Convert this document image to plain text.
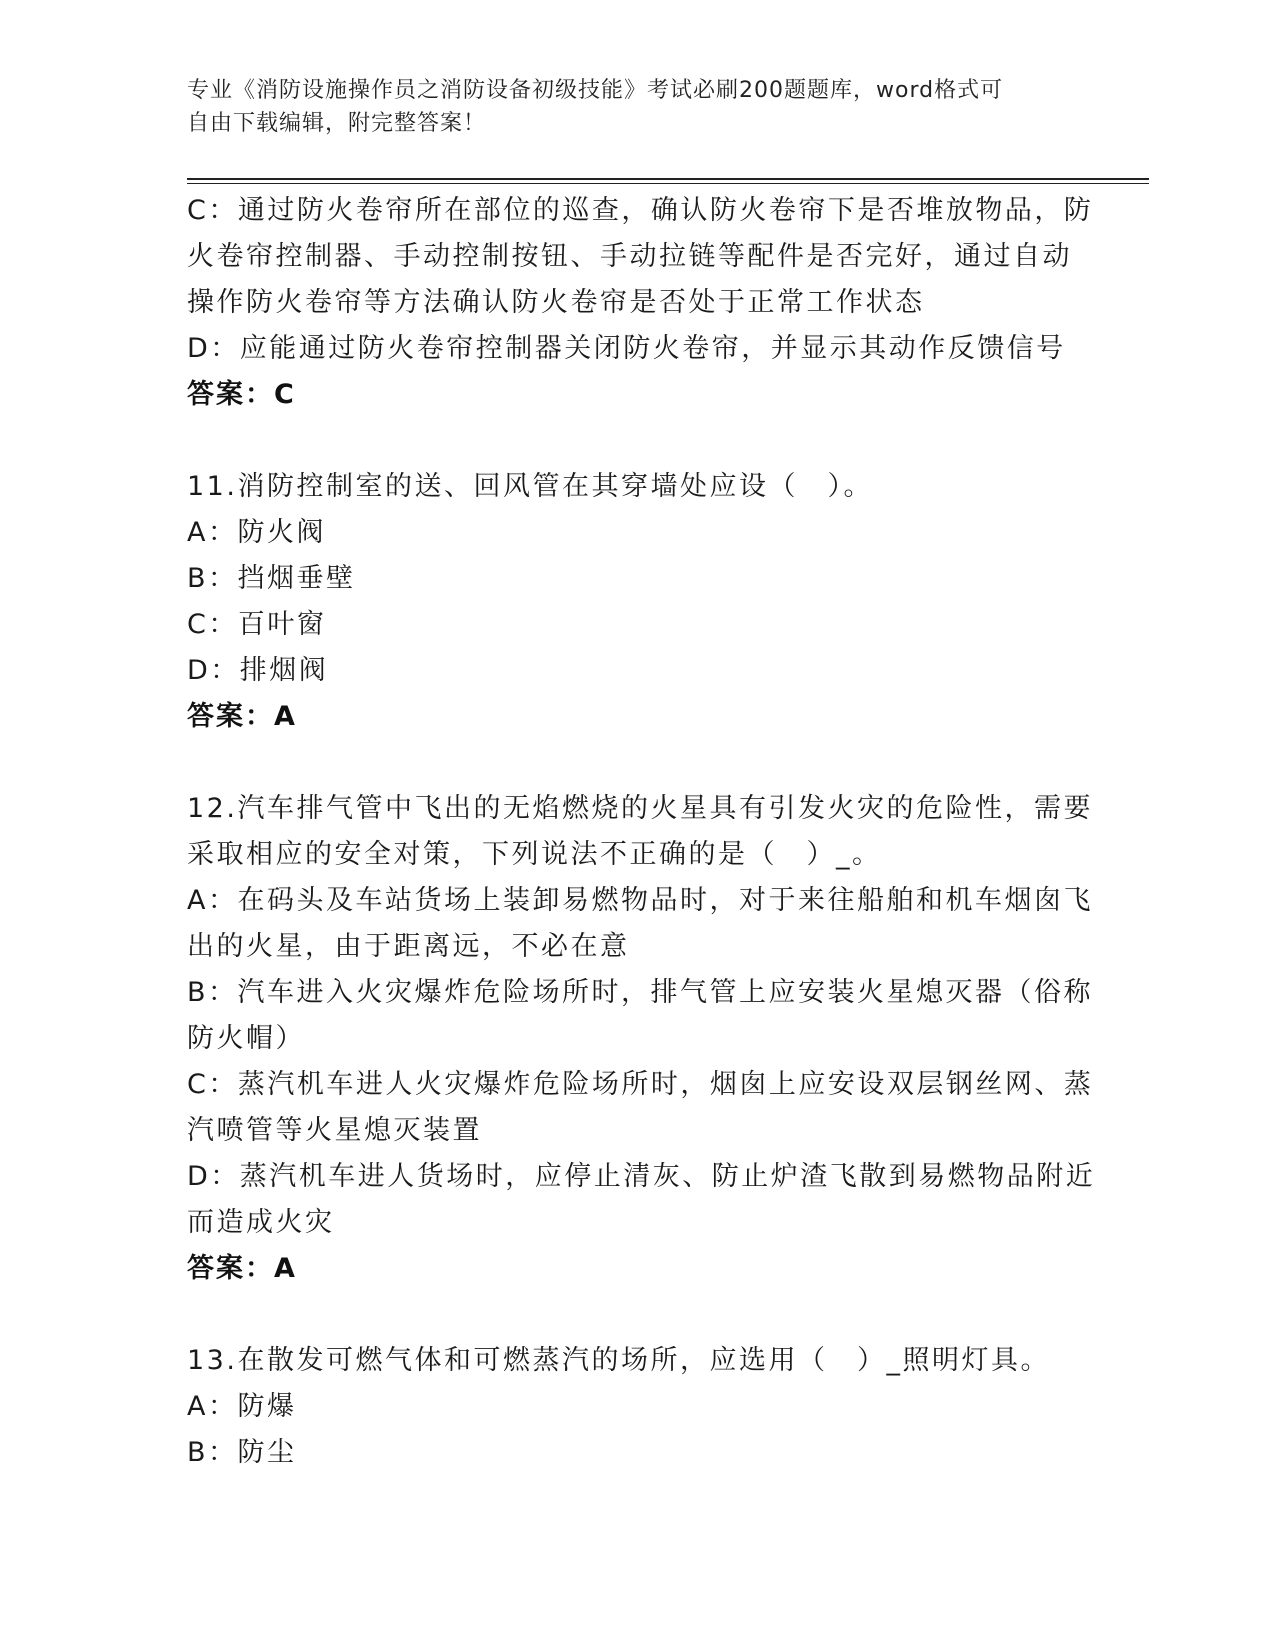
专业《消防设施操作员之消防设备初级技能》考试必刷200题题库，word格式可
自由下载编辑，附完整答案！
C：通过防火卷帘所在部位的巡查，确认防火卷帘下是否堆放物品，防
火卷帘控制器、手动控制按钮、手动拉链等配件是否完好，通过自动
操作防火卷帘等方法确认防火卷帘是否处于正常工作状态
D：应能通过防火卷帘控制器关闭防火卷帘，并显示其动作反馈信号
答案：C
11.消防控制室的送、回风管在其穿墙处应设（　）。
A：防火阀
B：挡烟垂壁
C：百叶窗
D：排烟阀
答案：A
12.汽车排气管中飞出的无焰燃烧的火星具有引发火灾的危险性，需要
采取相应的安全对策，下列说法不正确的是（　）_。
A：在码头及车站货场上装卸易燃物品时，对于来往船舶和机车烟囱飞
出的火星，由于距离远，不必在意
B：汽车进入火灾爆炸危险场所时，排气管上应安装火星熄灭器（俗称
防火帽）
C：蒸汽机车进人火灾爆炸危险场所时，烟囱上应安设双层钢丝网、蒸
汽喷管等火星熄灭装置
D：蒸汽机车进人货场时，应停止清灰、防止炉渣飞散到易燃物品附近
而造成火灾
答案：A
13.在散发可燃气体和可燃蒸汽的场所，应选用（　）_照明灯具。
A：防爆
B：防尘
